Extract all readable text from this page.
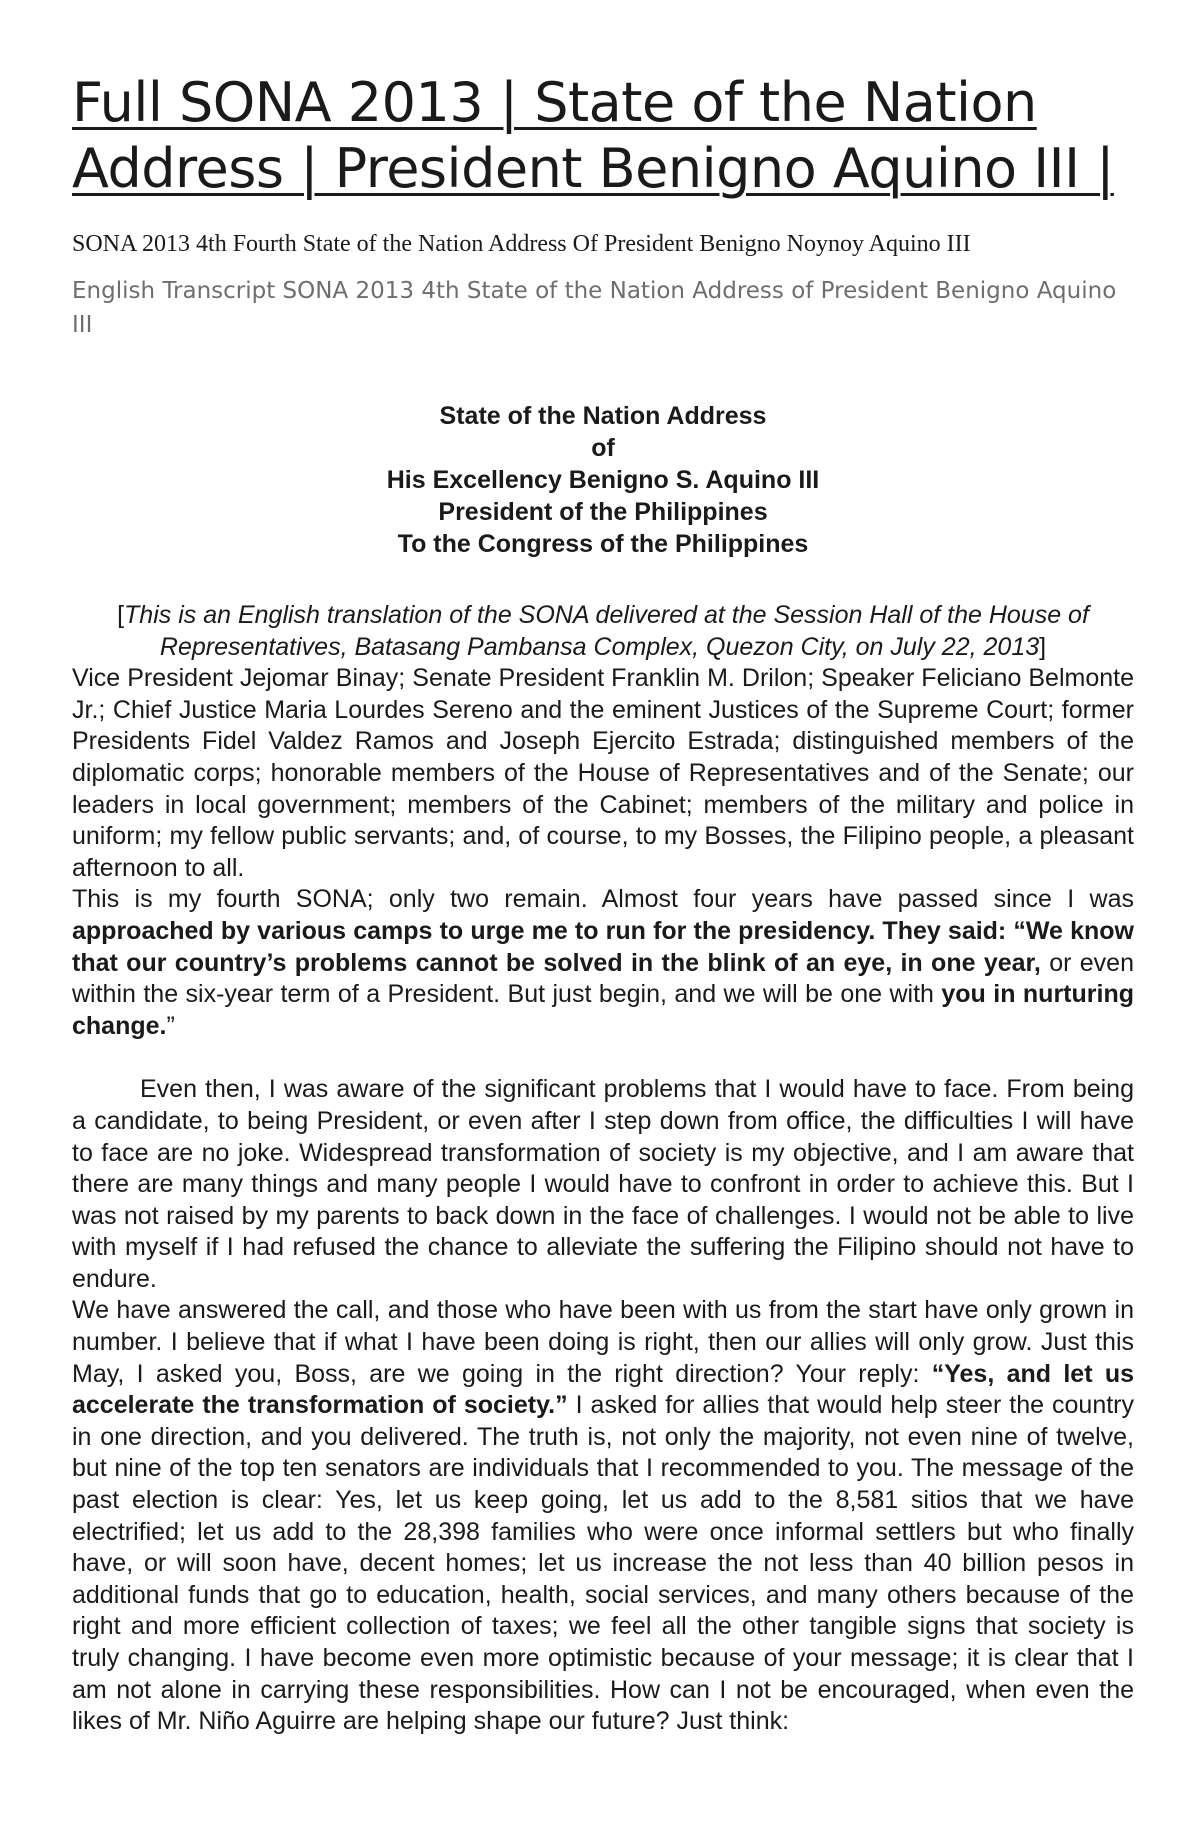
Full SONA 2013 | State of the Nation Address | President Benigno Aquino III |

SONA 2013 4th Fourth State of the Nation Address Of President Benigno Noynoy Aquino III

English Transcript SONA 2013 4th State of the Nation Address of President Benigno Aquino III

State of the Nation Address
of
His Excellency Benigno S. Aquino III
President of the Philippines
To the Congress of the Philippines

[This is an English translation of the SONA delivered at the Session Hall of the House of Representatives, Batasang Pambansa Complex, Quezon City, on July 22, 2013]

Vice President Jejomar Binay; Senate President Franklin M. Drilon; Speaker Feliciano Belmonte Jr.; Chief Justice Maria Lourdes Sereno and the eminent Justices of the Supreme Court; former Presidents Fidel Valdez Ramos and Joseph Ejercito Estrada; distinguished members of the diplomatic corps; honorable members of the House of Representatives and of the Senate; our leaders in local government; members of the Cabinet; members of the military and police in uniform; my fellow public servants; and, of course, to my Bosses, the Filipino people, a pleasant afternoon to all.

This is my fourth SONA; only two remain. Almost four years have passed since I was approached by various camps to urge me to run for the presidency. They said: “We know that our country’s problems cannot be solved in the blink of an eye, in one year, or even within the six-year term of a President. But just begin, and we will be one with you in nurturing change.”

Even then, I was aware of the significant problems that I would have to face. From being a candidate, to being President, or even after I step down from office, the difficulties I will have to face are no joke. Widespread transformation of society is my objective, and I am aware that there are many things and many people I would have to confront in order to achieve this. But I was not raised by my parents to back down in the face of challenges. I would not be able to live with myself if I had refused the chance to alleviate the suffering the Filipino should not have to endure.

We have answered the call, and those who have been with us from the start have only grown in number. I believe that if what I have been doing is right, then our allies will only grow. Just this May, I asked you, Boss, are we going in the right direction? Your reply: “Yes, and let us accelerate the transformation of society.” I asked for allies that would help steer the country in one direction, and you delivered. The truth is, not only the majority, not even nine of twelve, but nine of the top ten senators are individuals that I recommended to you. The message of the past election is clear: Yes, let us keep going, let us add to the 8,581 sitios that we have electrified; let us add to the 28,398 families who were once informal settlers but who finally have, or will soon have, decent homes; let us increase the not less than 40 billion pesos in additional funds that go to education, health, social services, and many others because of the right and more efficient collection of taxes; we feel all the other tangible signs that society is truly changing. I have become even more optimistic because of your message; it is clear that I am not alone in carrying these responsibilities. How can I not be encouraged, when even the likes of Mr. Niño Aguirre are helping shape our future? Just think:
